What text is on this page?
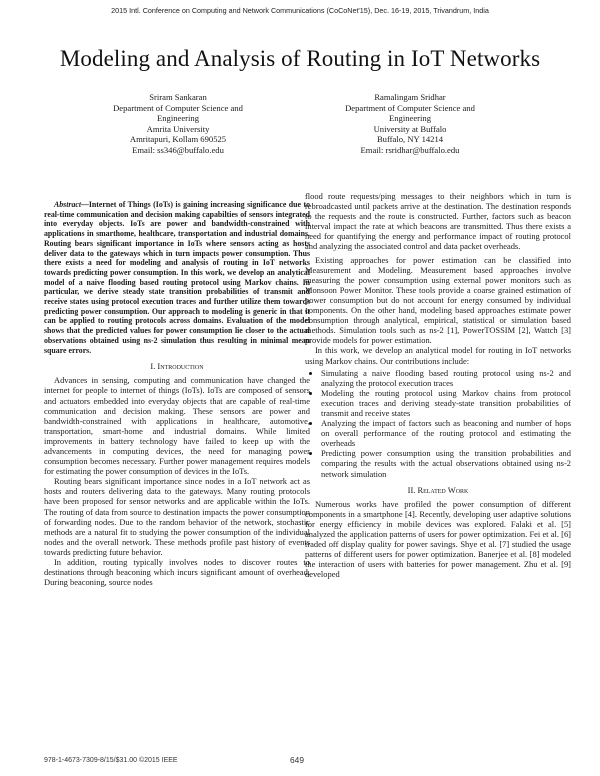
2015 Intl. Conference on Computing and Network Communications (CoCoNet'15), Dec. 16-19, 2015, Trivandrum, India
Modeling and Analysis of Routing in IoT Networks
Sriram Sankaran
Department of Computer Science and
Engineering
Amrita University
Amritapuri, Kollam 690525
Email: ss346@buffalo.edu
Ramalingam Sridhar
Department of Computer Science and
Engineering
University at Buffalo
Buffalo, NY 14214
Email: rsridhar@buffalo.edu

Abstract—Internet of Things (IoTs) is gaining increasing significance due to real-time communication and decision making capabilties of sensors integrated into everyday objects. IoTs are power and bandwidth-constrained with applications in smarthome, healthcare, transportation and industrial domains. Routing bears significant importance in IoTs where sensors acting as hosts deliver data to the gateways which in turn impacts power consumption. Thus there exists a need for modeling and analysis of routing in IoT networks towards predicting power consumption. In this work, we develop an analytical model of a naive flooding based routing protocol using Markov chains. In particular, we derive steady state transition probabilities of transmit and receive states using protocol execution traces and further utilize them towards predicting power consumption. Our approach to modeling is generic in that it can be applied to routing protocols across domains. Evaluation of the model shows that the predicted values for power consumption lie closer to the actual observations obtained using ns-2 simulation thus resulting in minimal mean square errors.

I. Introduction

Advances in sensing, computing and communication have changed the internet for people to internet of things (IoTs). IoTs are composed of sensors and actuators embedded into everyday objects that are capable of real-time communication and decision making. These sensors are power and bandwidth-constrained with applications in healthcare, automotive, transportation, smart-home and industrial domains. While limited improvements in battery technology have failed to keep up with the advancements in computing devices, the need for managing power consumption becomes necessary. Further power management requires models for estimating the power consumption of devices in the IoTs.

Routing bears significant importance since nodes in a IoT network act as hosts and routers delivering data to the gateways. Many routing protocols have been proposed for sensor networks and are applicable within the IoTs. The routing of data from source to destination impacts the power consumption of forwarding nodes. Due to the random behavior of the network, stochastic methods are a natural fit to studying the power consumption of the individual nodes and the overall network. These methods profile past history of events towards predicting future behavior.

In addition, routing typically involves nodes to discover routes to destinations through beaconing which incurs significant amount of overhead. During beaconing, source nodes

flood route requests/ping messages to their neighbors which in turn is rebroadcasted until packets arrive at the destination. The destination responds to the requests and the route is constructed. Further, factors such as beacon interval impact the rate at which beacons are transmitted. Thus there exists a need for quantifying the energy and performance impact of routing protocol and analyzing the associated control and data packet overheads.

Existing approaches for power estimation can be classified into Measurement and Modeling. Measurement based approaches involve measuring the power consumption using external power monitors such as Monsoon Power Monitor. These tools provide a coarse grained estimation of power consumption but do not account for energy consumed by individual components. On the other hand, modeling based approaches estimate power consumption through analytical, empirical, statistical or simulation based methods. Simulation tools such as ns-2 [1], PowerTOSSIM [2], Wattch [3] provide models for power estimation.

In this work, we develop an analytical model for routing in IoT networks using Markov chains. Our contributions include:

• Simulating a naive flooding based routing protocol using ns-2 and analyzing the protocol execution traces
• Modeling the routing protocol using Markov chains from protocol execution traces and deriving steady-state transition probabilities of transmit and receive states
• Analyzing the impact of factors such as beaconing and number of hops on overall performance of the routing protocol and estimating the overheads
• Predicting power consumption using the transition probabilities and comparing the results with the actual observations obtained using ns-2 network simulation
II. Related Work

Numerous works have profiled the power consumption of different components in a smartphone [4]. Recently, developing user adaptive solutions for energy efficiency in mobile devices was explored. Falaki et al. [5] analyzed the application patterns of users for power optimization. Fei et al. [6] traded off display quality for power savings. Shye et al. [7] studied the usage patterns of different users for power optimization. Banerjee et al. [8] modeled the interaction of users with batteries for power management. Zhu et al. [9] developed

978-1-4673-7309-8/15/$31.00 ©2015 IEEE	649
